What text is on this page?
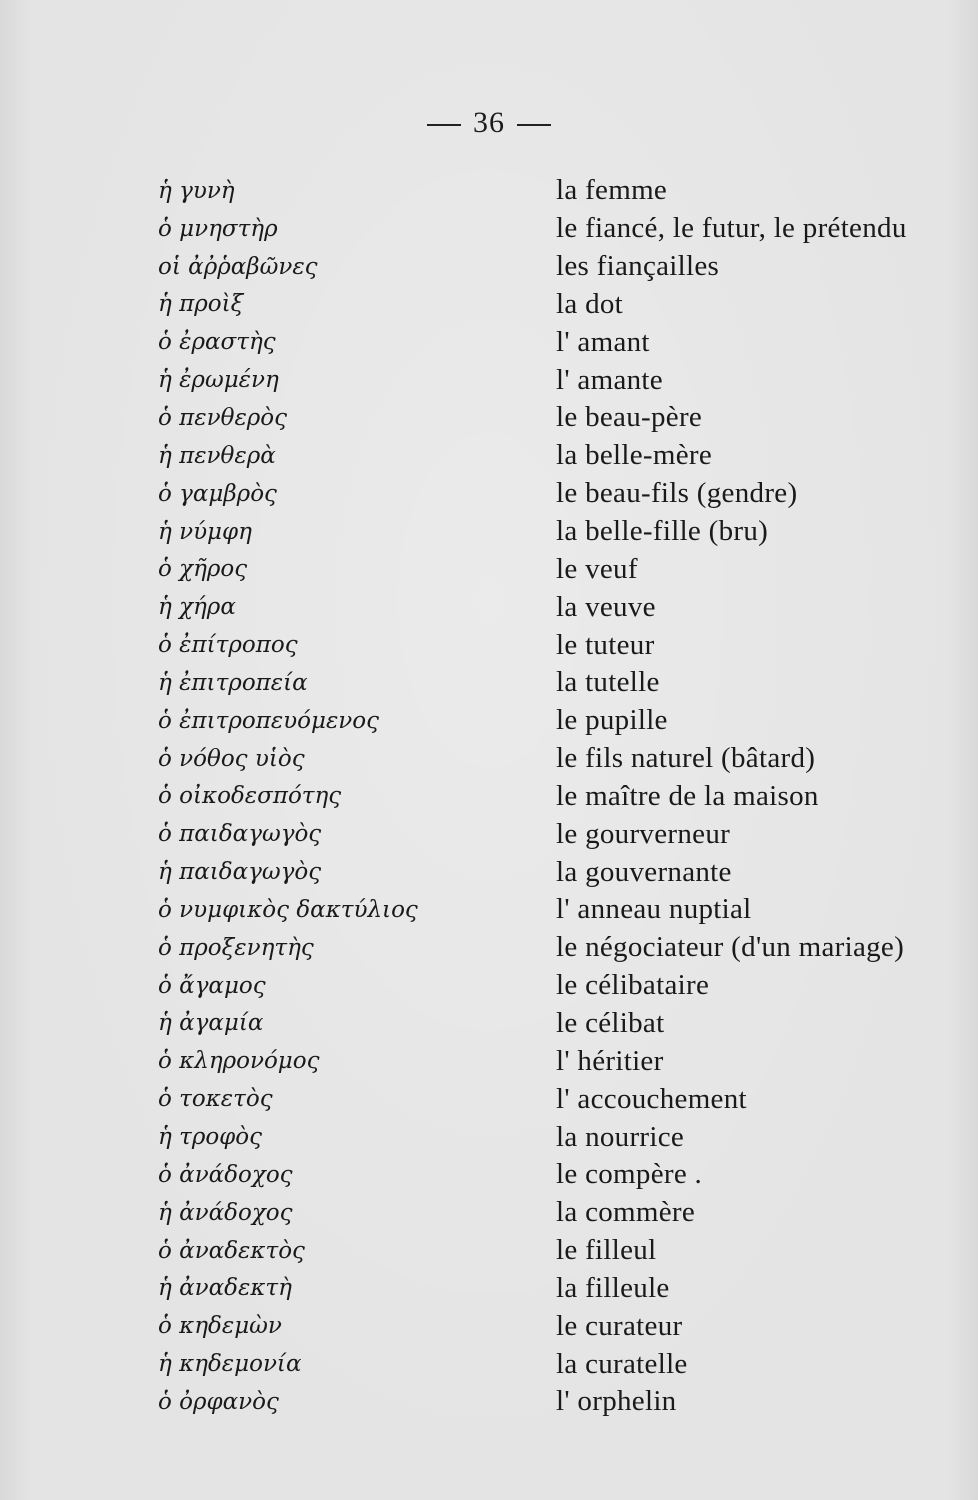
36
ἡ γυνὴ	la femme
ὁ μνηστὴρ	le fiancé, le futur, le prétendu
οἱ ἀῤῥαβῶνες	les fiançailles
ἡ προὶξ	la dot
ὁ ἐραστὴς	l' amant
ἡ ἐρωμένη	l' amante
ὁ πενθερὸς	le beau-père
ἡ πενθερὰ	la belle-mère
ὁ γαμβρὸς	le beau-fils (gendre)
ἡ νύμφη	la belle-fille (bru)
ὁ χῆρος	le veuf
ἡ χήρα	la veuve
ὁ ἐπίτροπος	le tuteur
ἡ ἐπιτροπεία	la tutelle
ὁ ἐπιτροπευόμενος	le pupille
ὁ νόθος υἱὸς	le fils naturel (bâtard)
ὁ οἰκοδεσπότης	le maître de la maison
ὁ παιδαγωγὸς	le gourverneur
ἡ παιδαγωγὸς	la gouvernante
ὁ νυμφικὸς δακτύλιος	l' anneau nuptial
ὁ προξενητὴς	le négociateur (d'un mariage)
ὁ ἄγαμος	le célibataire
ἡ ἀγαμία	le célibat
ὁ κληρονόμος	l' héritier
ὁ τοκετὸς	l' accouchement
ἡ τροφὸς	la nourrice
ὁ ἀνάδοχος	le compère .
ἡ ἀνάδοχος	la commère
ὁ ἀναδεκτὸς	le filleul
ἡ ἀναδεκτὴ	la filleule
ὁ κηδεμὼν	le curateur
ἡ κηδεμονία	la curatelle
ὁ ὀρφανὸς	l' orphelin
